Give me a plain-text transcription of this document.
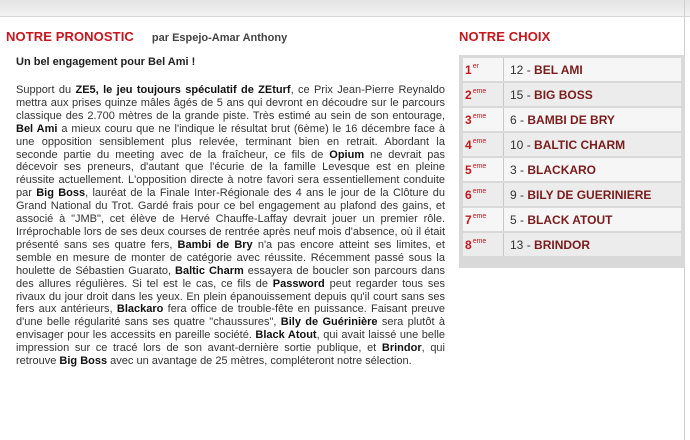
NOTRE PRONOSTIC par Espejo-Amar Anthony
Un bel engagement pour Bel Ami !
Support du ZE5, le jeu toujours spéculatif de ZEturf, ce Prix Jean-Pierre Reynaldo mettra aux prises quinze mâles âgés de 5 ans qui devront en découdre sur le parcours classique des 2.700 mètres de la grande piste. Très estimé au sein de son entourage, Bel Ami a mieux couru que ne l'indique le résultat brut (6ème) le 16 décembre face à une opposition sensiblement plus relevée, terminant bien en retrait. Abordant la seconde partie du meeting avec de la fraîcheur, ce fils de Opium ne devrait pas décevoir ses preneurs, d'autant que l'écurie de la famille Levesque est en pleine réussite actuellement. L'opposition directe à notre favori sera essentiellement conduite par Big Boss, lauréat de la Finale Inter-Régionale des 4 ans le jour de la Clôture du Grand National du Trot. Gardé frais pour ce bel engagement au plafond des gains, et associé à "JMB", cet élève de Hervé Chauffe-Laffay devrait jouer un premier rôle. Irréprochable lors de ses deux courses de rentrée après neuf mois d'absence, où il était présenté sans ses quatre fers, Bambi de Bry n'a pas encore atteint ses limites, et semble en mesure de monter de catégorie avec réussite. Récemment passé sous la houlette de Sébastien Guarato, Baltic Charm essayera de boucler son parcours dans des allures régulières. Si tel est le cas, ce fils de Password peut regarder tous ses rivaux du jour droit dans les yeux. En plein épanouissement depuis qu'il court sans ses fers aux antérieurs, Blackaro fera office de trouble-fête en puissance. Faisant preuve d'une belle régularité sans ses quatre "chaussures", Bily de Guérinière sera plutôt à envisager pour les accessits en pareille société. Black Atout, qui avait laissé une belle impression sur ce tracé lors de son avant-dernière sortie publique, et Brindor, qui retrouve Big Boss avec un avantage de 25 mètres, compléteront notre sélection.
NOTRE CHOIX
1er	12 - BEL AMI
2eme	15 - BIG BOSS
3eme	6 - BAMBI DE BRY
4eme	10 - BALTIC CHARM
5eme	3 - BLACKARO
6eme	9 - BILY DE GUERINIERE
7eme	5 - BLACK ATOUT
8eme	13 - BRINDOR
